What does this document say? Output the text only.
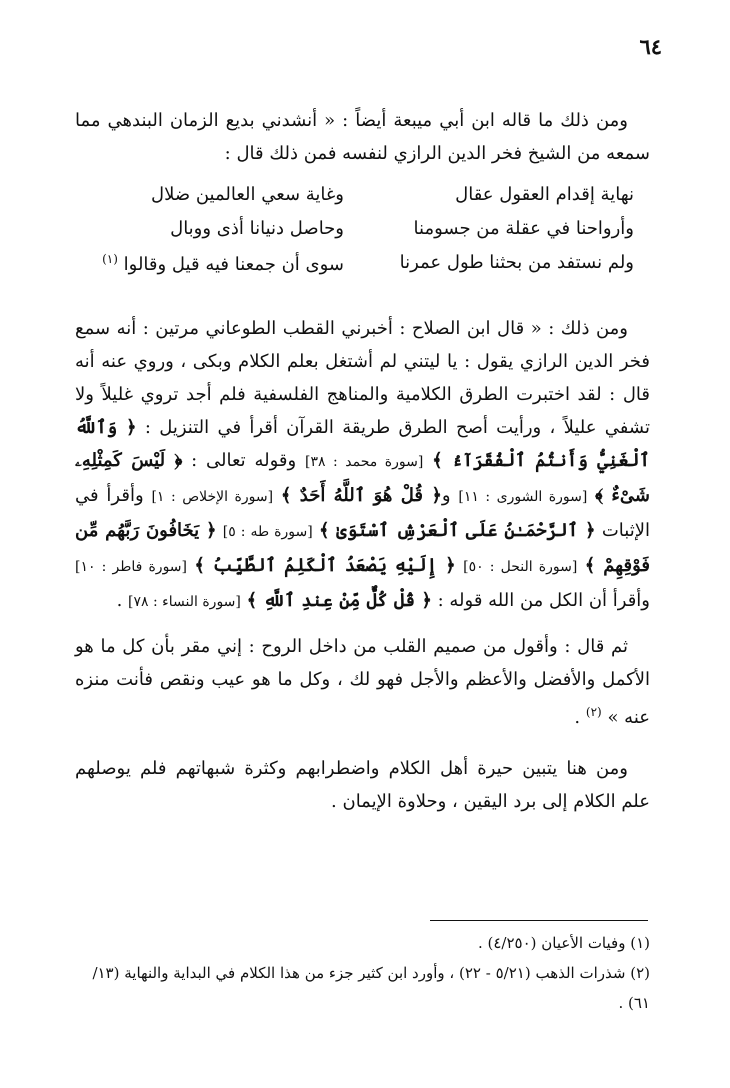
٦٤

ومن ذلك ما قاله ابن أبي ميبعة أيضاً : « أنشدني بديع الزمان البندهي مما سمعه من الشيخ فخر الدين الرازي لنفسه فمن ذلك قال :

نهاية إقدام العقول عقال
وغاية سعي العالمين ضلال
وأرواحنا في عقلة من جسومنا
وحاصل دنيانا أذى ووبال
ولم نستفد من بحثنا طول عمرنا
سوى أن جمعنا فيه قيل وقالوا $^{(١)}$

ومن ذلك : « قال ابن الصلاح : أخبرني القطب الطوعاني مرتين : أنه سمع فخر الدين الرازي يقول : يا ليتني لم أشتغل بعلم الكلام وبكى ، وروي عنه أنه قال : لقد اختبرت الطرق الكلامية والمناهج الفلسفية فلم أجد تروي غليلاً ولا تشفي عليلاً ، ورأيت أصح الطرق طريقة القرآن أقرأ في التنزيل : ﴿ وَٱللَّهُ ٱلْغَنِيُّ وَأَنتُمُ ٱلْفُقَرَآءُ ﴾ [سورة محمد : ٣٨] وقوله تعالى : ﴿ لَيْسَ كَمِثْلِهِۦ شَىْءٌ ﴾ [سورة الشورى : ١١] و﴿ قُلْ هُوَ ٱللَّهُ أَحَدٌ ﴾ [سورة الإخلاص : ١] وأقرأ في الإثبات ﴿ ٱلرَّحْمَـٰنُ عَلَى ٱلْعَرْشِ ٱسْتَوَىٰ ﴾ [سورة طه : ٥] ﴿ يَخَافُونَ رَبَّهُم مِّن فَوْقِهِمْ ﴾ [سورة النحل : ٥٠] ﴿ إِلَيْهِ يَصْعَدُ ٱلْكَلِمُ ٱلطَّيِّبُ ﴾ [سورة فاطر : ١٠] وأقرأ أن الكل من الله قوله : ﴿ قُلْ كُلٌّ مِّنْ عِندِ ٱللَّهِ ﴾ [سورة النساء : ٧٨] .

ثم قال : وأقول من صميم القلب من داخل الروح : إني مقر بأن كل ما هو الأكمل والأفضل والأعظم والأجل فهو لك ، وكل ما هو عيب ونقص فأنت منزه عنه » $^{(٢)}$ .

ومن هنا يتبين حيرة أهل الكلام واضطرابهم وكثرة شبهاتهم فلم يوصلهم علم الكلام إلى برد اليقين ، وحلاوة الإيمان .

(١) وفيات الأعيان (٤/٢٥٠) .

(٢) شذرات الذهب (٥/٢١ - ٢٢) ، وأورد ابن كثير جزء من هذا الكلام في البداية والنهاية (١٣/ ٦١) .
